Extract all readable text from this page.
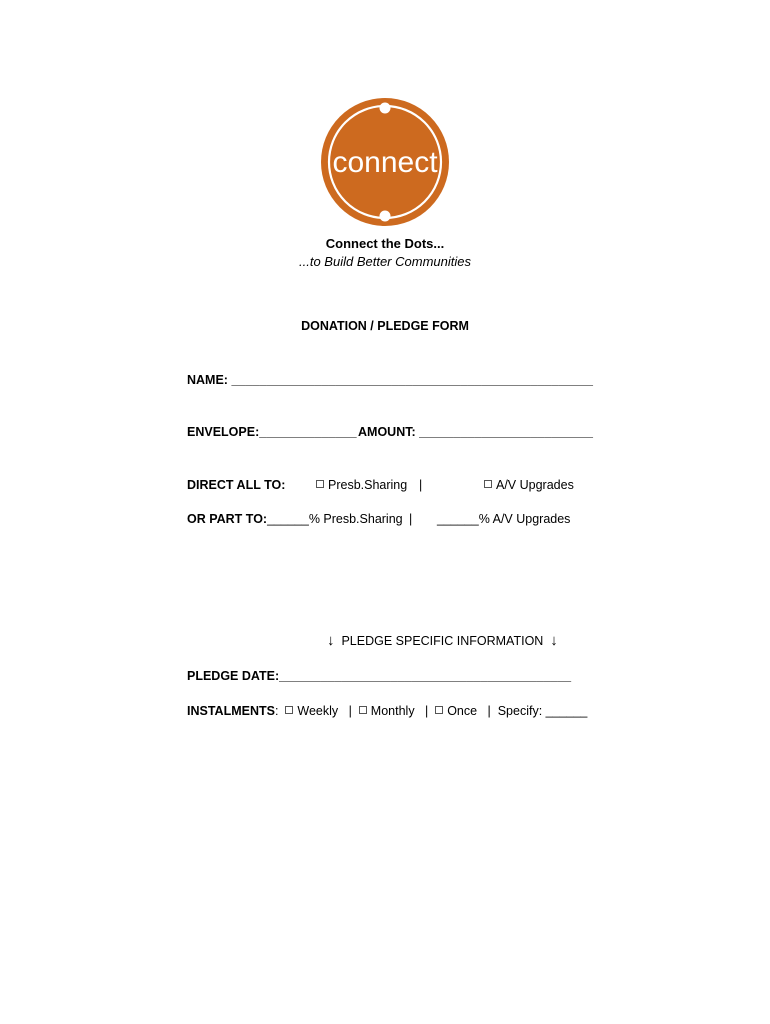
connect
Connect the Dots...
...to Build Better Communities
DONATION / PLEDGE FORM
NAME: ____________________________________________________
ENVELOPE:______________ AMOUNT: _________________________
DIRECT ALL TO:	Presb.Sharing |	A/V Upgrades
OR PART TO:______% Presb.Sharing | ______% A/V Upgrades
↓ PLEDGE SPECIFIC INFORMATION ↓
PLEDGE DATE:__________________________________________
INSTALMENTS: Weekly | Monthly | Once | Specify: ______
